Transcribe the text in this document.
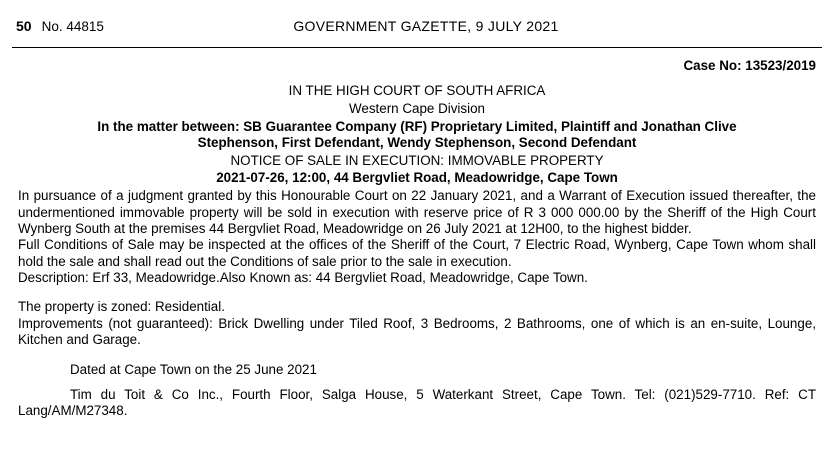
50 No. 44815	GOVERNMENT GAZETTE, 9 JULY 2021
Case No: 13523/2019
IN THE HIGH COURT OF SOUTH AFRICA
Western Cape Division
In the matter between: SB Guarantee Company (RF) Proprietary Limited, Plaintiff and Jonathan Clive
Stephenson, First Defendant, Wendy Stephenson, Second Defendant
NOTICE OF SALE IN EXECUTION: IMMOVABLE PROPERTY
2021-07-26, 12:00, 44 Bergvliet Road, Meadowridge, Cape Town

In pursuance of a judgment granted by this Honourable Court on 22 January 2021, and a Warrant of Execution issued thereafter, the undermentioned immovable property will be sold in execution with reserve price of R 3 000 000.00 by the Sheriff of the High Court Wynberg South at the premises 44 Bergvliet Road, Meadowridge on 26 July 2021 at 12H00, to the highest bidder.

Full Conditions of Sale may be inspected at the offices of the Sheriff of the Court, 7 Electric Road, Wynberg, Cape Town whom shall hold the sale and shall read out the Conditions of sale prior to the sale in execution.

Description: Erf 33, Meadowridge.Also Known as: 44 Bergvliet Road, Meadowridge, Cape Town.

The property is zoned: Residential.

Improvements (not guaranteed): Brick Dwelling under Tiled Roof, 3 Bedrooms, 2 Bathrooms, one of which is an en-suite, Lounge, Kitchen and Garage.

Dated at Cape Town on the 25 June 2021

Tim du Toit & Co Inc., Fourth Floor, Salga House, 5 Waterkant Street, Cape Town. Tel: (021)529-7710. Ref: CT Lang/AM/M27348.
